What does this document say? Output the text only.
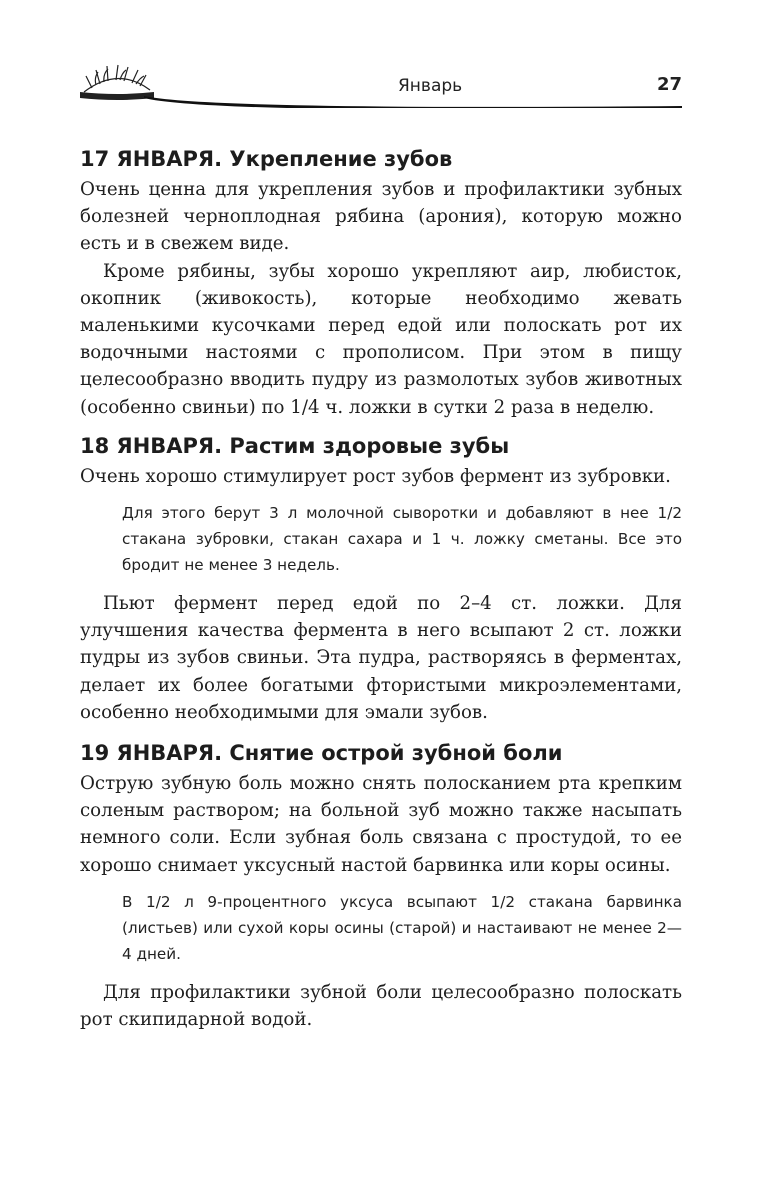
Январь	27
17 ЯНВАРЯ. Укрепление зубов

Очень ценна для укрепления зубов и профилактики зубных болезней черноплодная рябина (арония), которую можно есть и в свежем виде.

Кроме рябины, зубы хорошо укрепляют аир, любисток, окопник (живокость), которые необходимо жевать маленькими кусочками перед едой или полоскать рот их водочными настоями с прополисом. При этом в пищу целесообразно вводить пудру из размолотых зубов животных (особенно свиньи) по 1/4 ч. ложки в сутки 2 раза в неделю.

18 ЯНВАРЯ. Растим здоровые зубы

Очень хорошо стимулирует рост зубов фермент из зубровки.

Для этого берут 3 л молочной сыворотки и добавляют в нее 1/2 стакана зубровки, стакан сахара и 1 ч. ложку сметаны. Все это бродит не менее 3 недель.

Пьют фермент перед едой по 2–4 ст. ложки. Для улучшения качества фермента в него всыпают 2 ст. ложки пудры из зубов свиньи. Эта пудра, растворяясь в ферментах, делает их более богатыми фтористыми микроэлементами, особенно необходимыми для эмали зубов.

19 ЯНВАРЯ. Снятие острой зубной боли

Острую зубную боль можно снять полосканием рта крепким соленым раствором; на больной зуб можно также насыпать немного соли. Если зубная боль связана с простудой, то ее хорошо снимает уксусный настой барвинка или коры осины.

В 1/2 л 9-процентного уксуса всыпают 1/2 стакана барвинка (листьев) или сухой коры осины (старой) и настаивают не менее 2—4 дней.

Для профилактики зубной боли целесообразно полоскать рот скипидарной водой.
